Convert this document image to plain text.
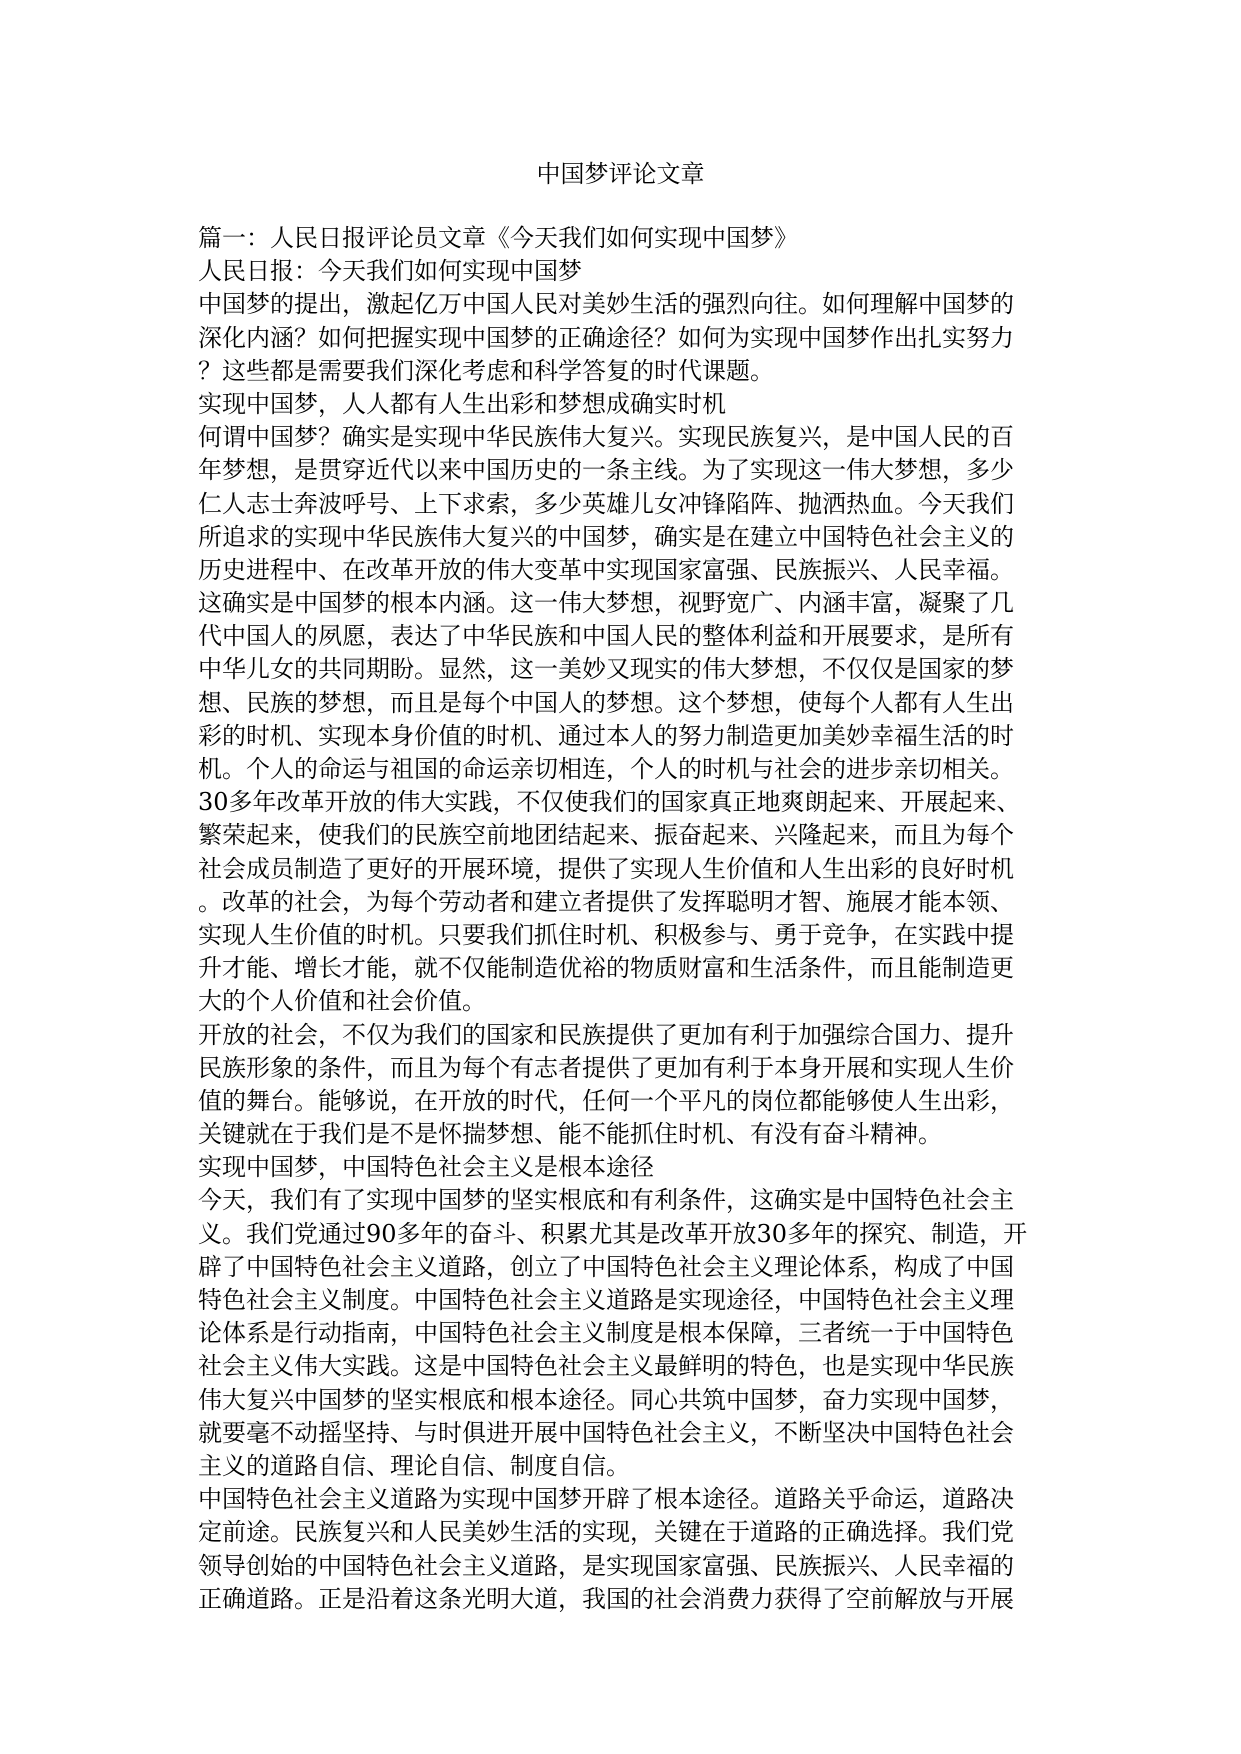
中国梦评论文章
篇一：人民日报评论员文章《今天我们如何实现中国梦》
人民日报：今天我们如何实现中国梦
中国梦的提出，激起亿万中国人民对美妙生活的强烈向往。如何理解中国梦的
深化内涵？如何把握实现中国梦的正确途径？如何为实现中国梦作出扎实努力
？这些都是需要我们深化考虑和科学答复的时代课题。
实现中国梦，人人都有人生出彩和梦想成确实时机
何谓中国梦？确实是实现中华民族伟大复兴。实现民族复兴，是中国人民的百
年梦想，是贯穿近代以来中国历史的一条主线。为了实现这一伟大梦想，多少
仁人志士奔波呼号、上下求索，多少英雄儿女冲锋陷阵、抛洒热血。今天我们
所追求的实现中华民族伟大复兴的中国梦，确实是在建立中国特色社会主义的
历史进程中、在改革开放的伟大变革中实现国家富强、民族振兴、人民幸福。
这确实是中国梦的根本内涵。这一伟大梦想，视野宽广、内涵丰富，凝聚了几
代中国人的夙愿，表达了中华民族和中国人民的整体利益和开展要求，是所有
中华儿女的共同期盼。显然，这一美妙又现实的伟大梦想，不仅仅是国家的梦
想、民族的梦想，而且是每个中国人的梦想。这个梦想，使每个人都有人生出
彩的时机、实现本身价值的时机、通过本人的努力制造更加美妙幸福生活的时
机。个人的命运与祖国的命运亲切相连，个人的时机与社会的进步亲切相关。
30多年改革开放的伟大实践，不仅使我们的国家真正地爽朗起来、开展起来、
繁荣起来，使我们的民族空前地团结起来、振奋起来、兴隆起来，而且为每个
社会成员制造了更好的开展环境，提供了实现人生价值和人生出彩的良好时机
。改革的社会，为每个劳动者和建立者提供了发挥聪明才智、施展才能本领、
实现人生价值的时机。只要我们抓住时机、积极参与、勇于竞争，在实践中提
升才能、增长才能，就不仅能制造优裕的物质财富和生活条件，而且能制造更
大的个人价值和社会价值。
开放的社会，不仅为我们的国家和民族提供了更加有利于加强综合国力、提升
民族形象的条件，而且为每个有志者提供了更加有利于本身开展和实现人生价
值的舞台。能够说，在开放的时代，任何一个平凡的岗位都能够使人生出彩，
关键就在于我们是不是怀揣梦想、能不能抓住时机、有没有奋斗精神。
实现中国梦，中国特色社会主义是根本途径
今天，我们有了实现中国梦的坚实根底和有利条件，这确实是中国特色社会主
义。我们党通过90多年的奋斗、积累尤其是改革开放30多年的探究、制造，开
辟了中国特色社会主义道路，创立了中国特色社会主义理论体系，构成了中国
特色社会主义制度。中国特色社会主义道路是实现途径，中国特色社会主义理
论体系是行动指南，中国特色社会主义制度是根本保障，三者统一于中国特色
社会主义伟大实践。这是中国特色社会主义最鲜明的特色，也是实现中华民族
伟大复兴中国梦的坚实根底和根本途径。同心共筑中国梦，奋力实现中国梦，
就要毫不动摇坚持、与时俱进开展中国特色社会主义，不断坚决中国特色社会
主义的道路自信、理论自信、制度自信。
中国特色社会主义道路为实现中国梦开辟了根本途径。道路关乎命运，道路决
定前途。民族复兴和人民美妙生活的实现，关键在于道路的正确选择。我们党
领导创始的中国特色社会主义道路，是实现国家富强、民族振兴、人民幸福的
正确道路。正是沿着这条光明大道，我国的社会消费力获得了空前解放与开展
